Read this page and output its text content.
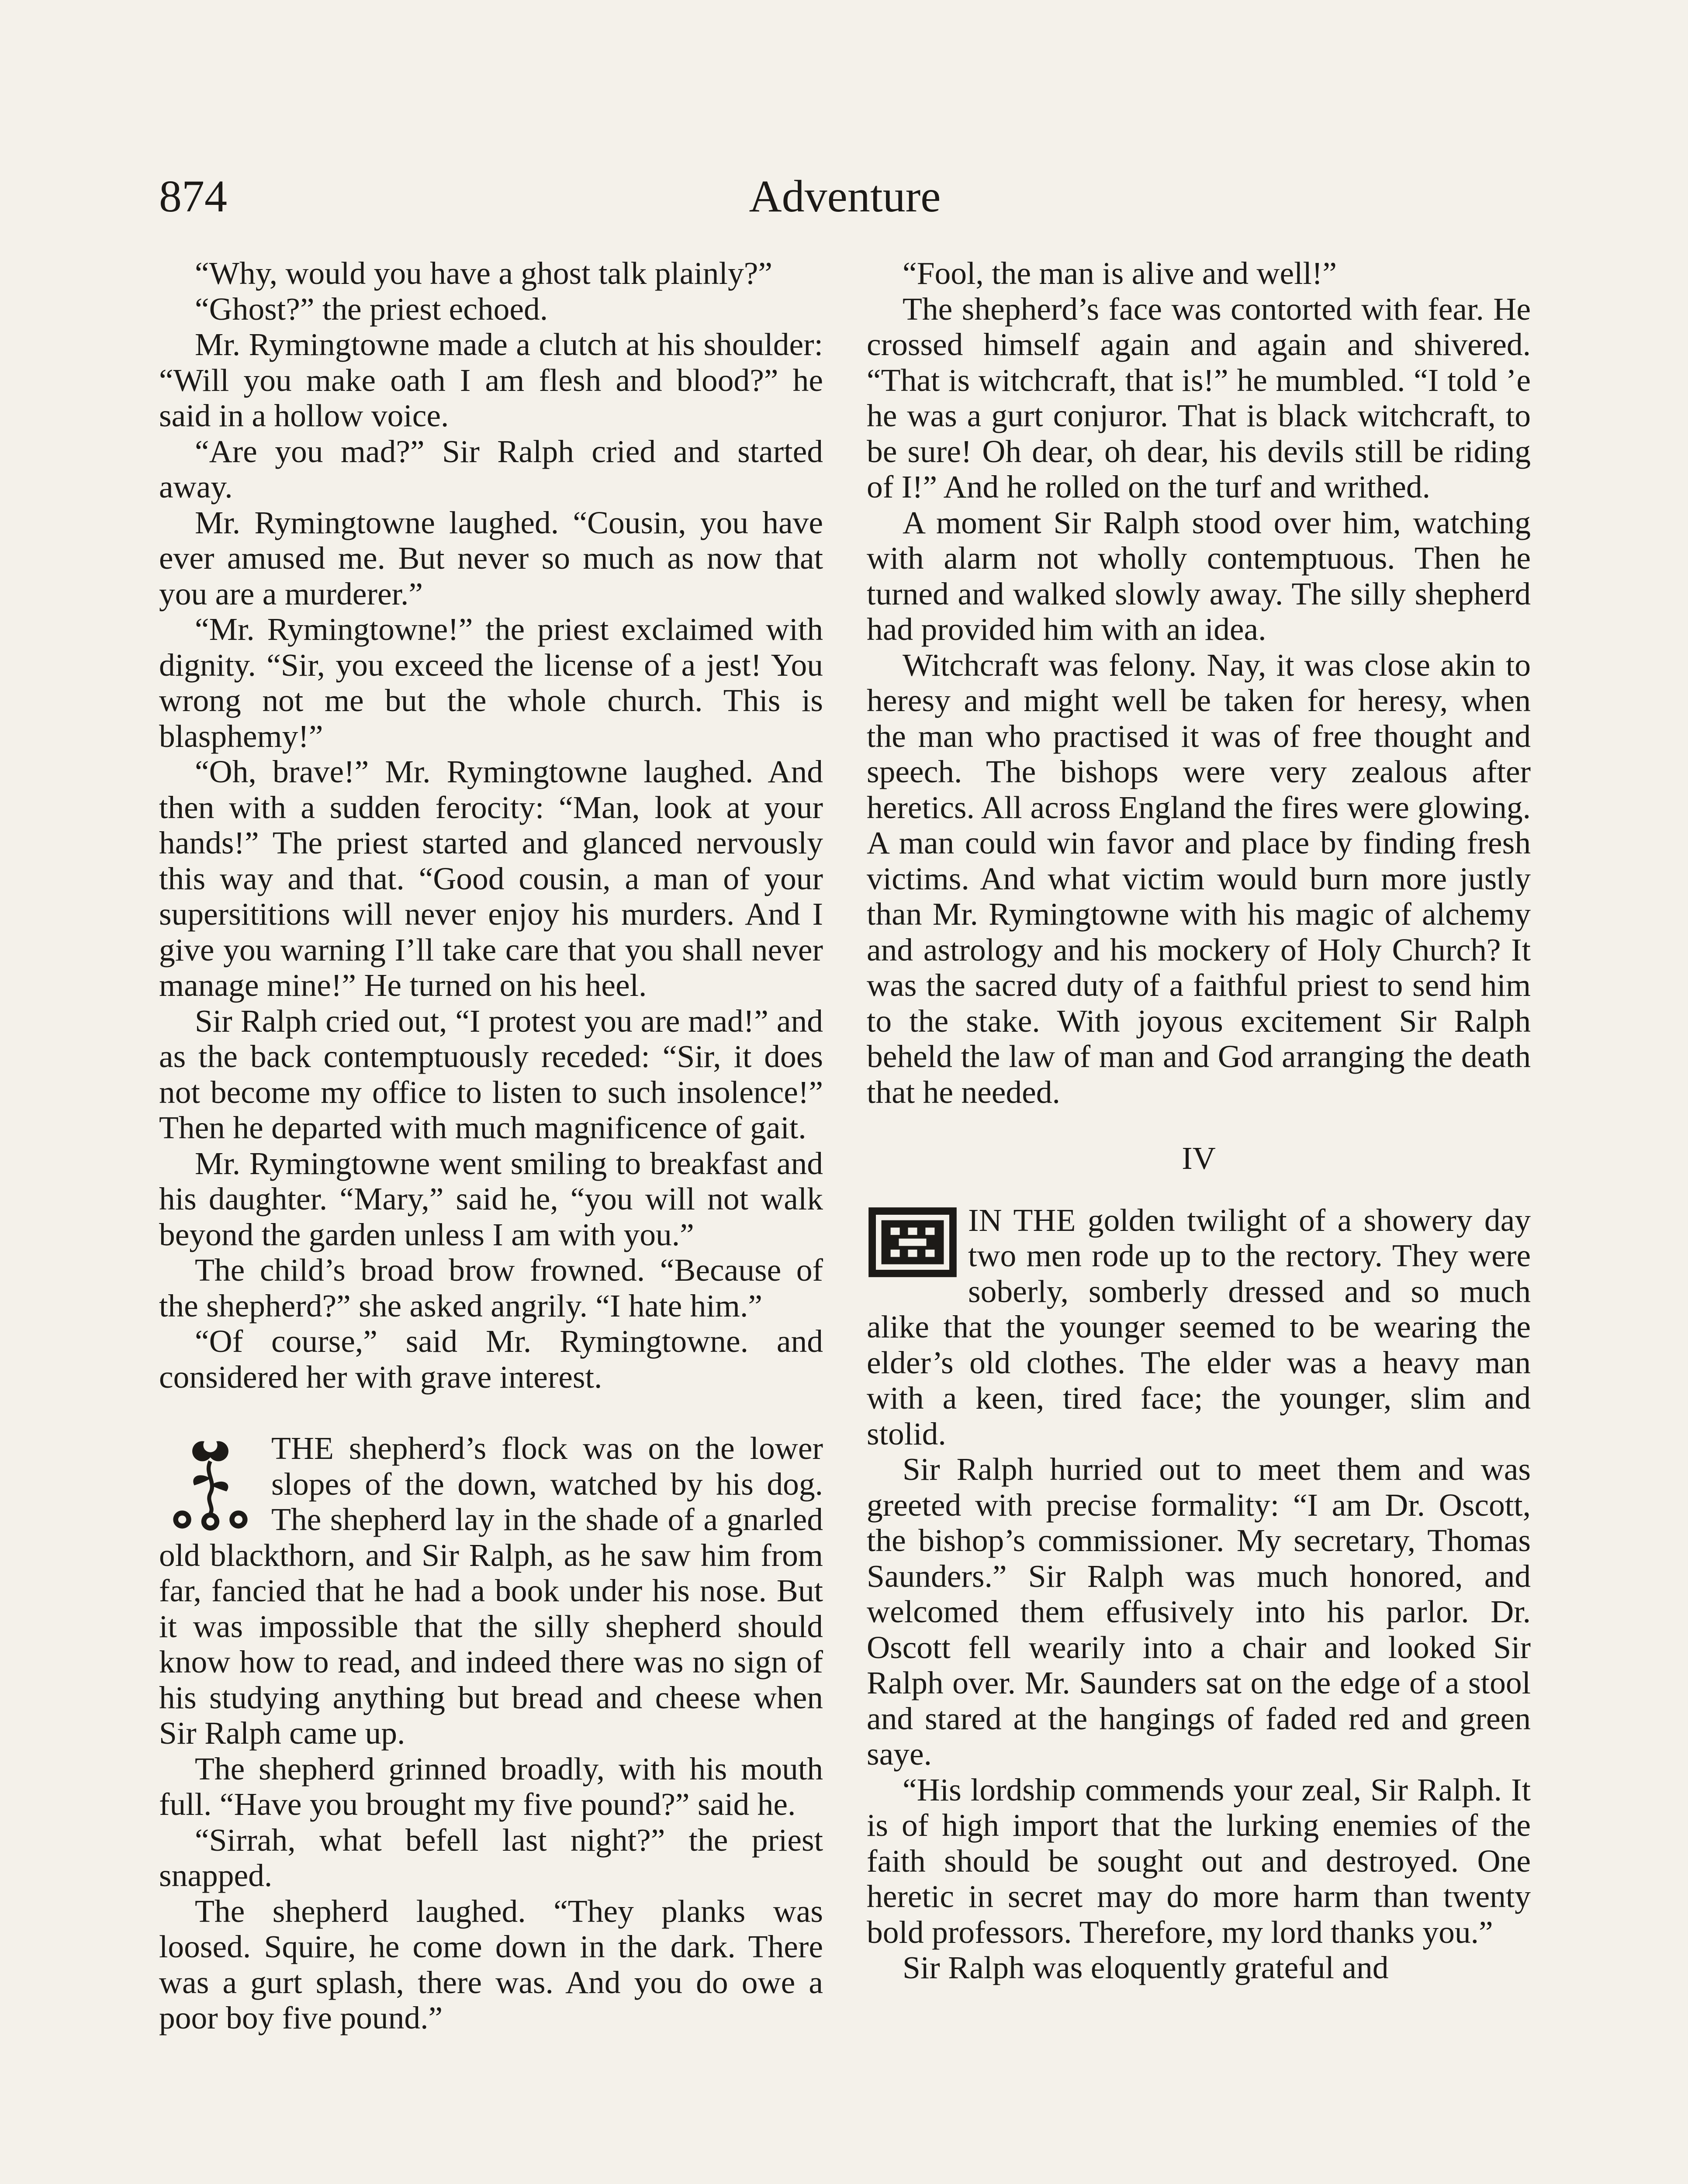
874	Adventure

“Why, would you have a ghost talk plainly?”

“Ghost?” the priest echoed.

Mr. Rymingtowne made a clutch at his shoulder: “Will you make oath I am flesh and blood?” he said in a hollow voice.

“Are you mad?” Sir Ralph cried and started away.

Mr. Rymingtowne laughed. “Cousin, you have ever amused me. But never so much as now that you are a murderer.”

“Mr. Rymingtowne!” the priest exclaimed with dignity. “Sir, you exceed the license of a jest! You wrong not me but the whole church. This is blasphemy!”

“Oh, brave!” Mr. Rymingtowne laughed. And then with a sudden ferocity: “Man, look at your hands!” The priest started and glanced nervously this way and that. “Good cousin, a man of your supersititions will never enjoy his murders. And I give you warning I’ll take care that you shall never manage mine!” He turned on his heel.

Sir Ralph cried out, “I protest you are mad!” and as the back contemptuously receded: “Sir, it does not become my office to listen to such insolence!” Then he departed with much magnificence of gait.

Mr. Rymingtowne went smiling to breakfast and his daughter. “Mary,” said he, “you will not walk beyond the garden unless I am with you.”

The child’s broad brow frowned. “Because of the shepherd?” she asked angrily. “I hate him.”

“Of course,” said Mr. Rymingtowne. and considered her with grave interest.

THE shepherd’s flock was on the lower slopes of the down, watched by his dog. The shepherd lay in the shade of a gnarled old blackthorn, and Sir Ralph, as he saw him from far, fancied that he had a book under his nose. But it was impossible that the silly shepherd should know how to read, and indeed there was no sign of his studying anything but bread and cheese when Sir Ralph came up.

The shepherd grinned broadly, with his mouth full. “Have you brought my five pound?” said he.

“Sirrah, what befell last night?” the priest snapped.

The shepherd laughed. “They planks was loosed. Squire, he come down in the dark. There was a gurt splash, there was. And you do owe a poor boy five pound.”

“Fool, the man is alive and well!”

The shepherd’s face was contorted with fear. He crossed himself again and again and shivered. “That is witchcraft, that is!” he mumbled. “I told ’e he was a gurt conjuror. That is black witchcraft, to be sure! Oh dear, oh dear, his devils still be riding of I!” And he rolled on the turf and writhed.

A moment Sir Ralph stood over him, watching with alarm not wholly contemptuous. Then he turned and walked slowly away. The silly shepherd had provided him with an idea.

Witchcraft was felony. Nay, it was close akin to heresy and might well be taken for heresy, when the man who practised it was of free thought and speech. The bishops were very zealous after heretics. All across England the fires were glowing. A man could win favor and place by finding fresh victims. And what victim would burn more justly than Mr. Rymingtowne with his magic of alchemy and astrology and his mockery of Holy Church? It was the sacred duty of a faithful priest to send him to the stake. With joyous excitement Sir Ralph beheld the law of man and God arranging the death that he needed.

IV

IN THE golden twilight of a showery day two men rode up to the rectory. They were soberly, somberly dressed and so much alike that the younger seemed to be wearing the elder’s old clothes. The elder was a heavy man with a keen, tired face; the younger, slim and stolid.

Sir Ralph hurried out to meet them and was greeted with precise formality: “I am Dr. Oscott, the bishop’s commissioner. My secretary, Thomas Saunders.” Sir Ralph was much honored, and welcomed them effusively into his parlor. Dr. Oscott fell wearily into a chair and looked Sir Ralph over. Mr. Saunders sat on the edge of a stool and stared at the hangings of faded red and green saye.

“His lordship commends your zeal, Sir Ralph. It is of high import that the lurking enemies of the faith should be sought out and destroyed. One heretic in secret may do more harm than twenty bold professors. Therefore, my lord thanks you.”

Sir Ralph was eloquently grateful and
